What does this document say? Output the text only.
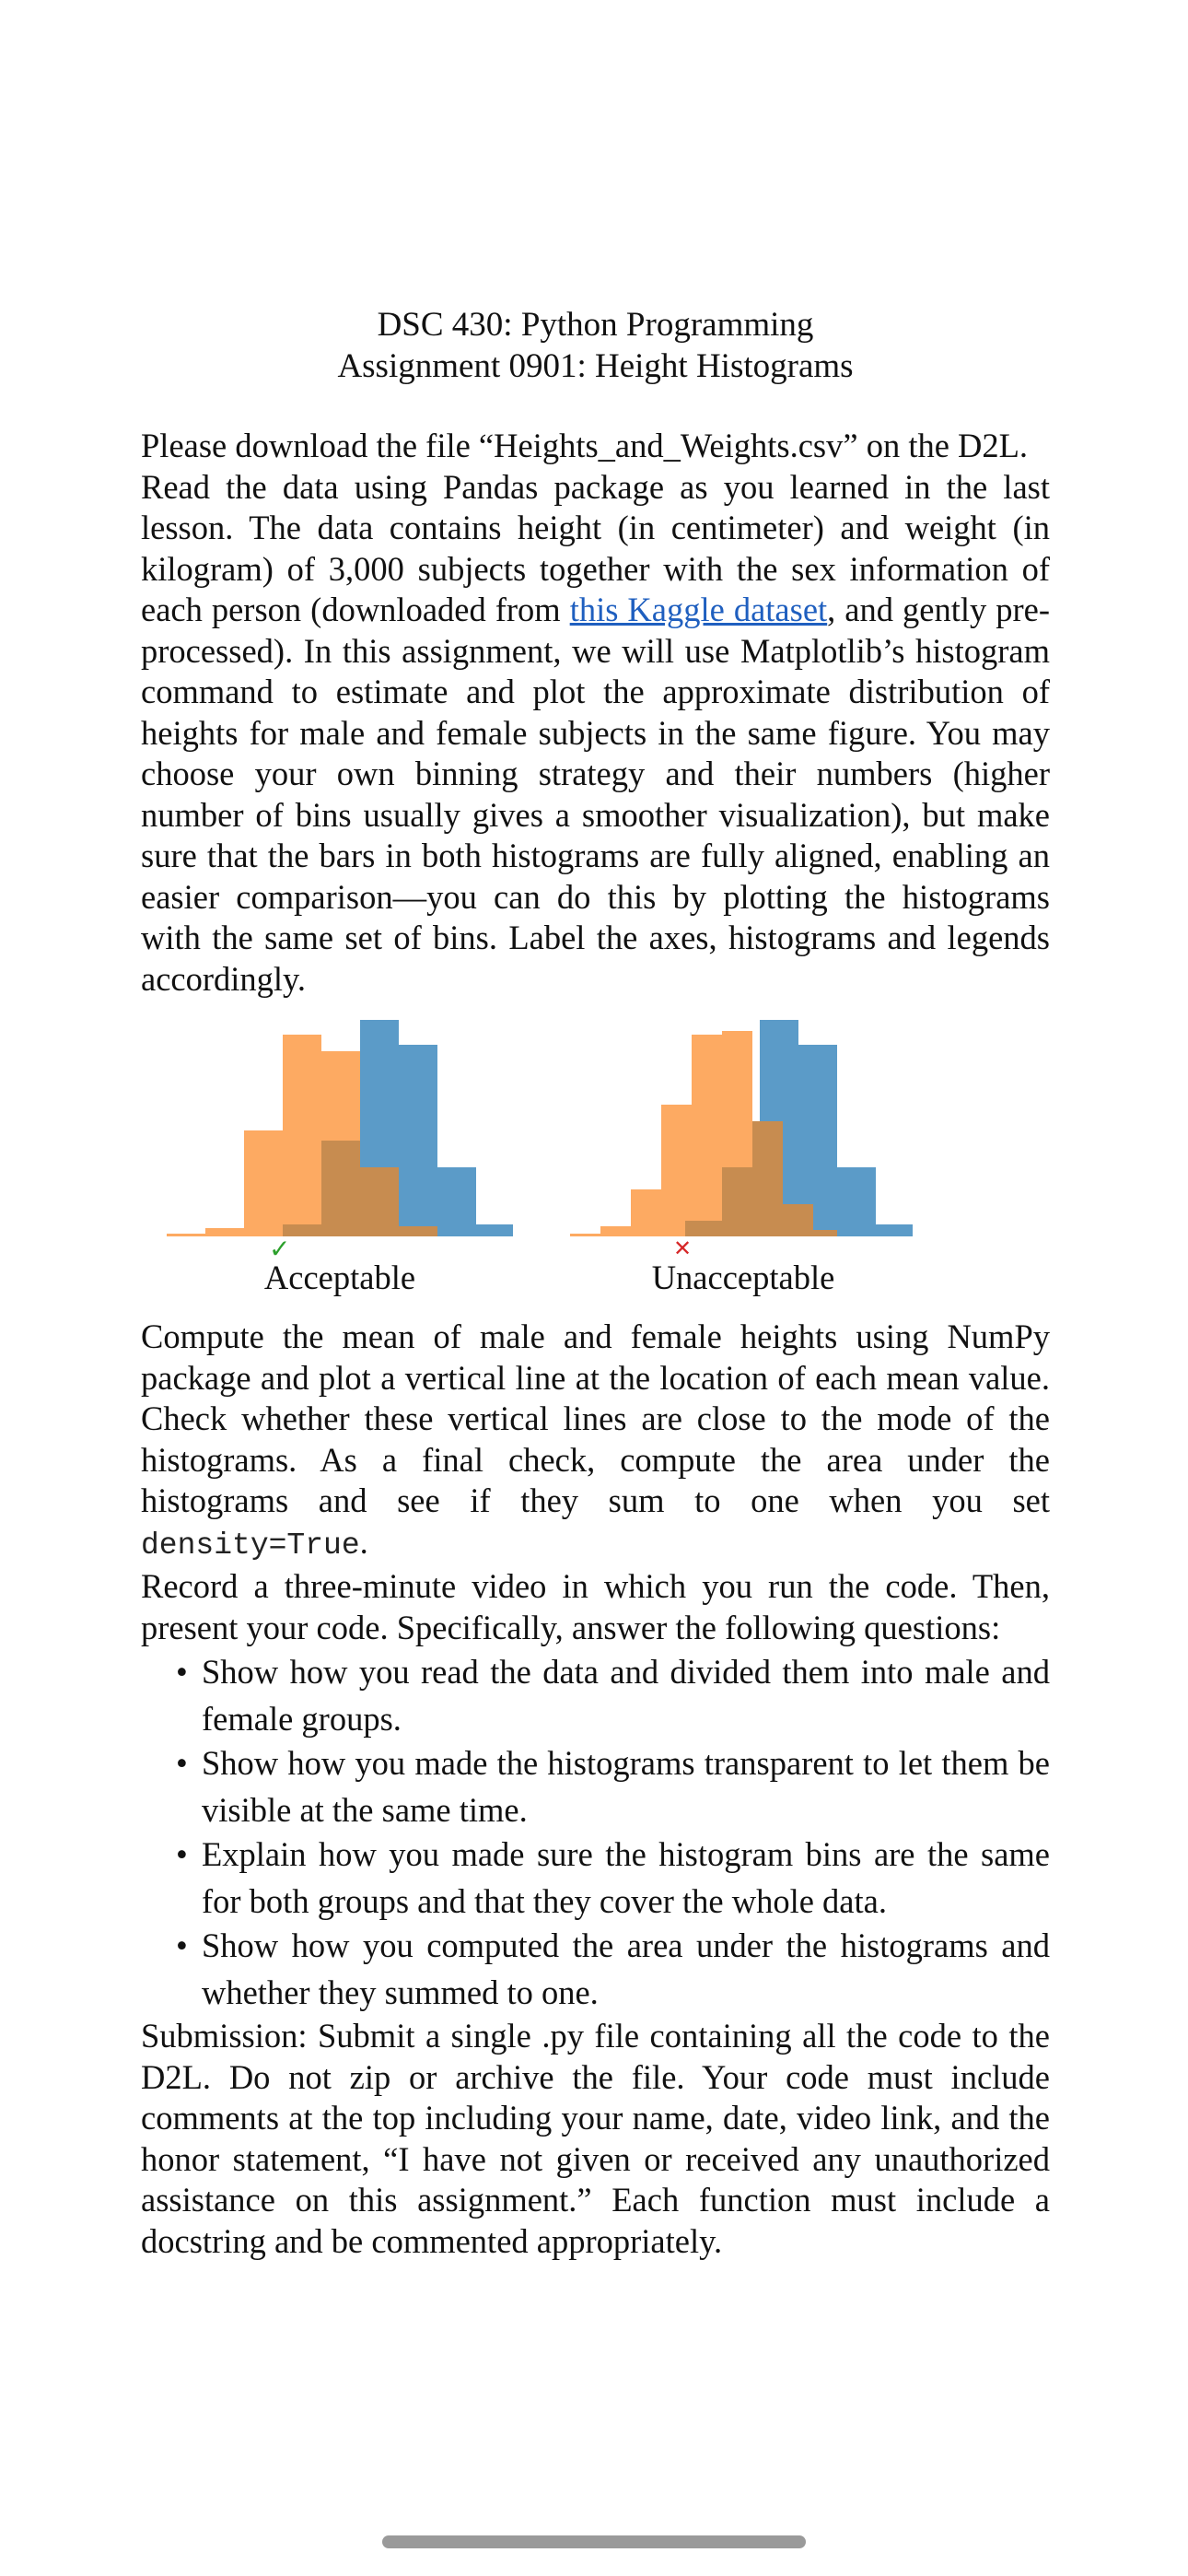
DSC 430: Python Programming

Assignment 0901: Height Histograms

Please download the file “Heights_and_Weights.csv” on the D2L.

Read the data using Pandas package as you learned in the last lesson. The data contains height (in centimeter) and weight (in kilogram) of 3,000 subjects together with the sex information of each person (downloaded from this Kaggle dataset, and gently pre-processed). In this assignment, we will use Matplotlib’s histogram command to estimate and plot the approximate distribution of heights for male and female subjects in the same figure. You may choose your own binning strategy and their numbers (higher number of bins usually gives a smoother visualization), but make sure that the bars in both histograms are fully aligned, enabling an easier comparison—you can do this by plotting the histograms with the same set of bins. Label the axes, histograms and legends accordingly.

✓
Acceptable
✕
Unacceptable

Compute the mean of male and female heights using NumPy package and plot a vertical line at the location of each mean value. Check whether these vertical lines are close to the mode of the histograms. As a final check, compute the area under the histograms and see if they sum to one when you set density=True.

Record a three-minute video in which you run the code. Then, present your code. Specifically, answer the following questions:

• Show how you read the data and divided them into male and female groups.
• Show how you made the histograms transparent to let them be visible at the same time.
• Explain how you made sure the histogram bins are the same for both groups and that they cover the whole data.
• Show how you computed the area under the histograms and whether they summed to one.

Submission: Submit a single .py file containing all the code to the D2L. Do not zip or archive the file. Your code must include comments at the top including your name, date, video link, and the honor statement, “I have not given or received any unauthorized assistance on this assignment.” Each function must include a docstring and be commented appropriately.
